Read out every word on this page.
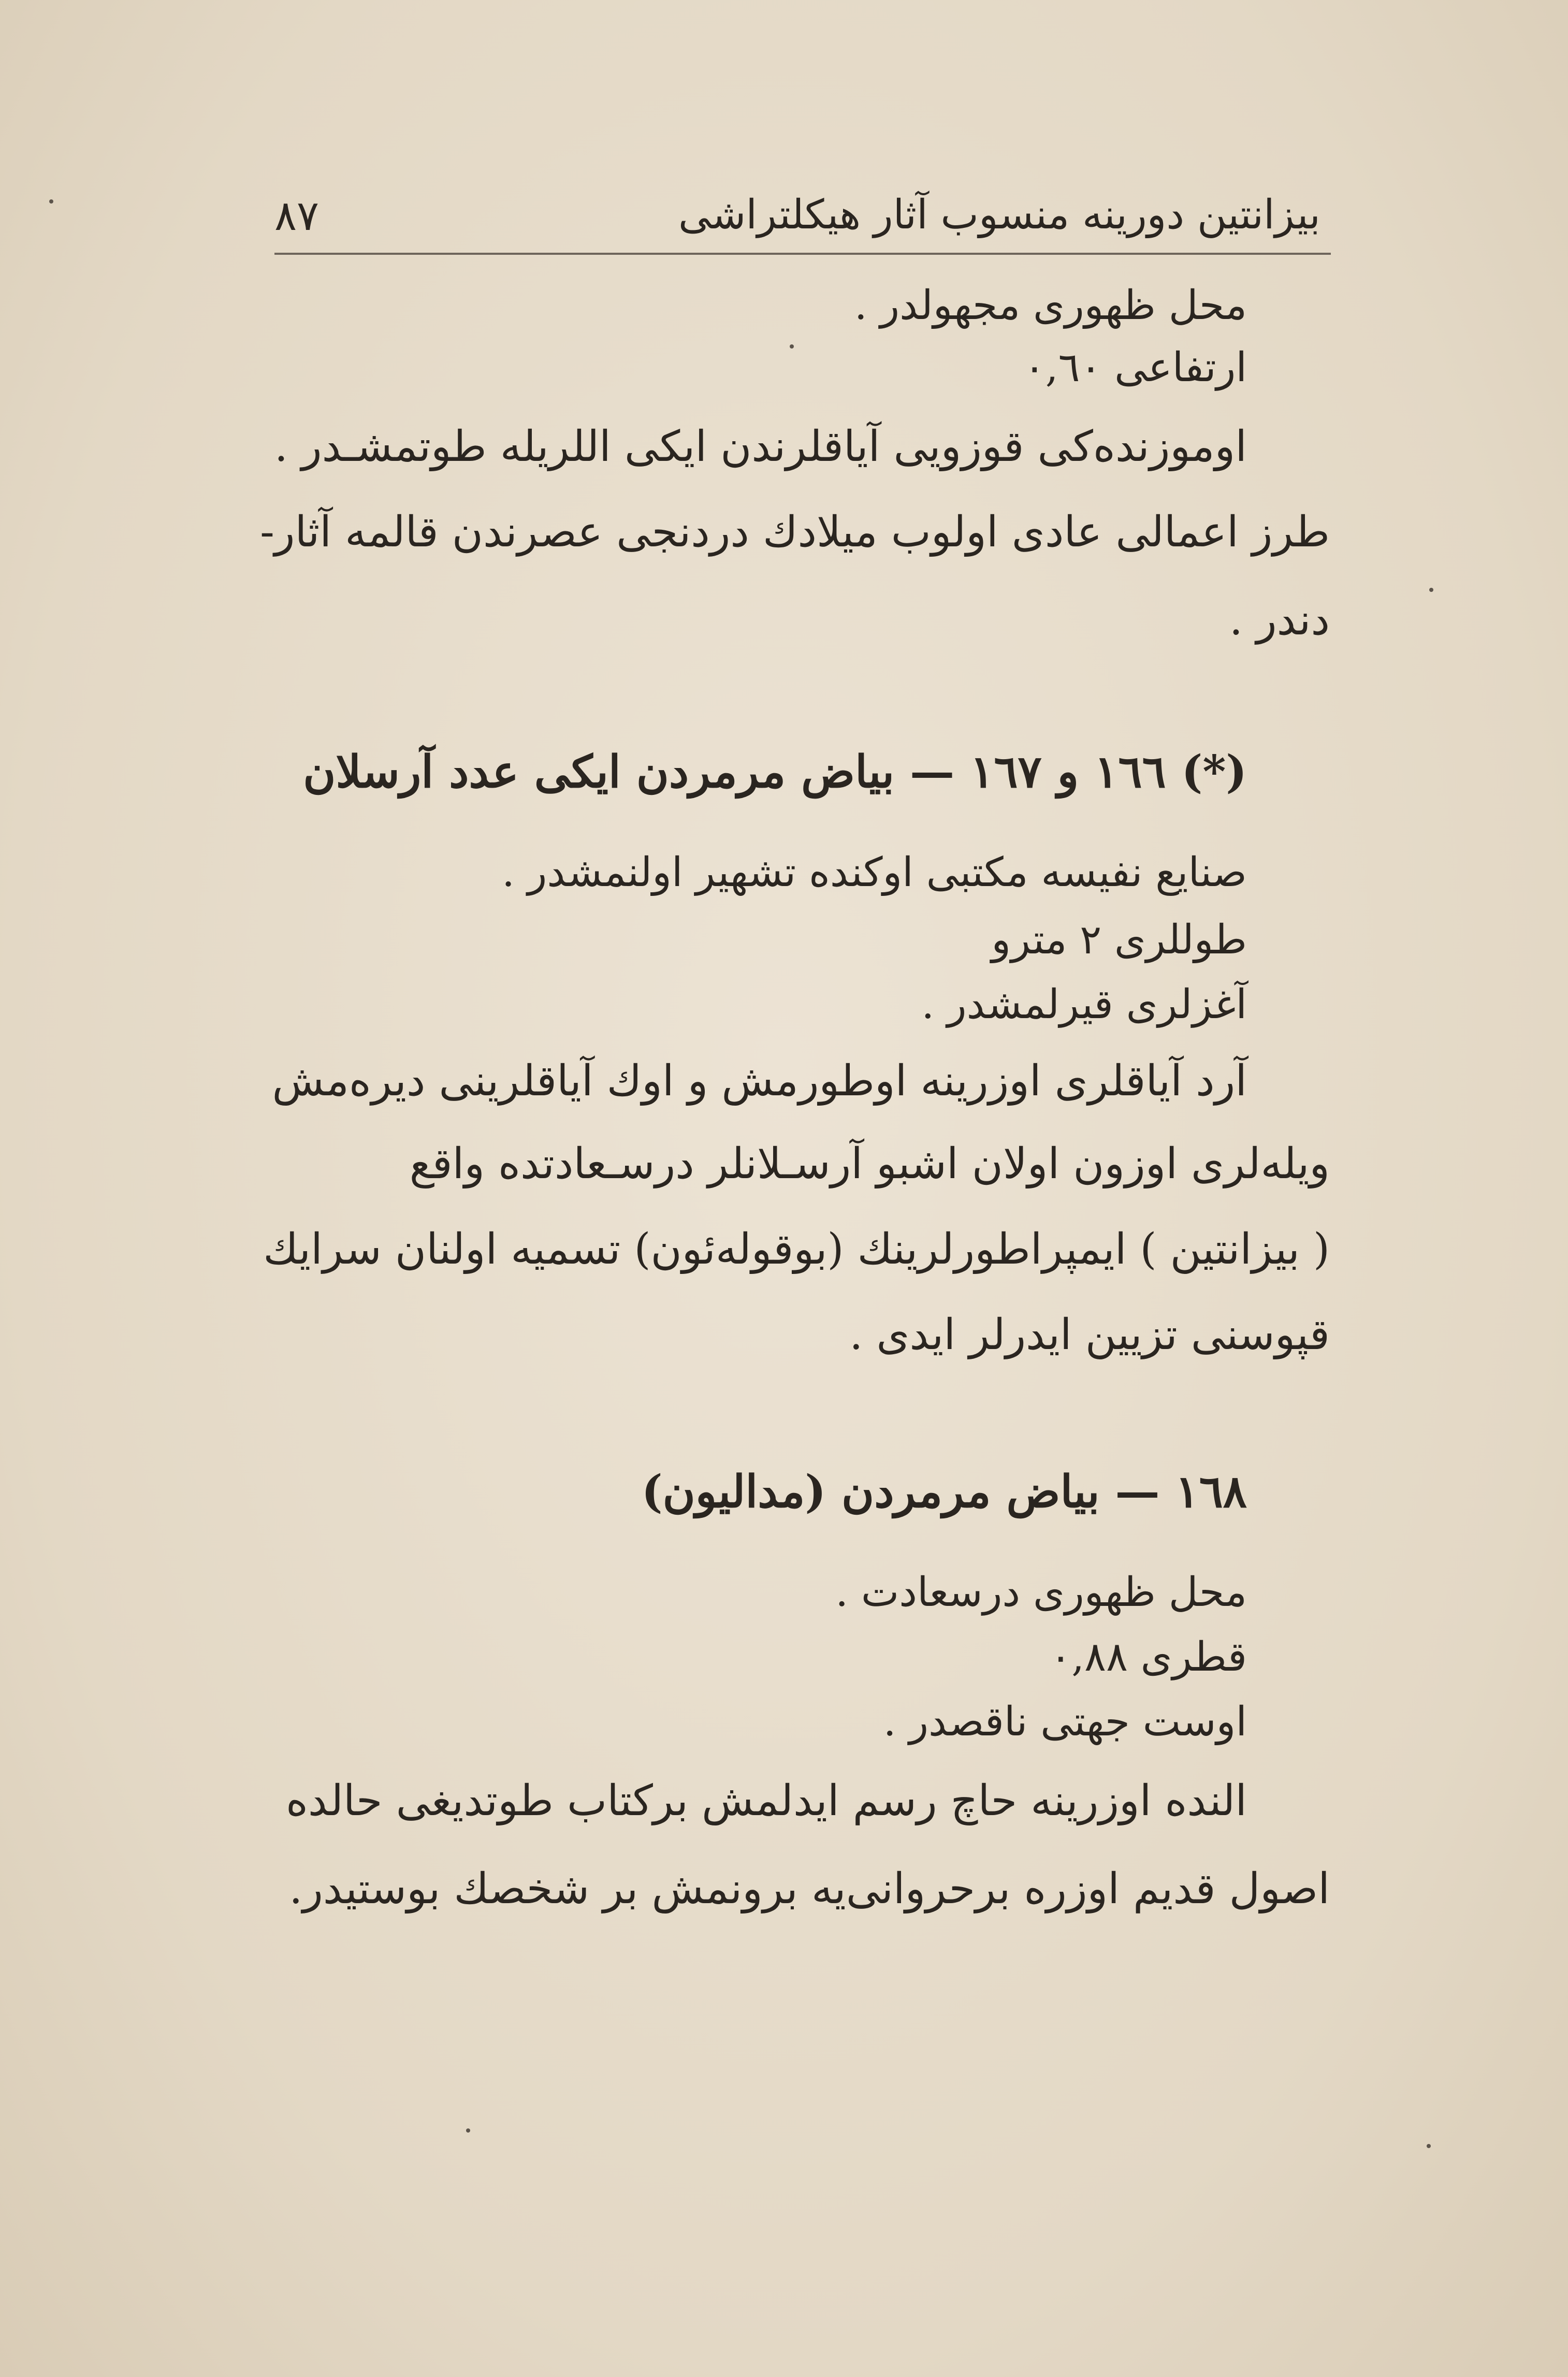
بیزانتین دورینه منسوب آثار هیکلتراشی
٨٧
محل ظهوری مجهولدر .
ارتفاعی ٠,٦٠
اوموزنده‌کی قوزویی آیاقلرندن ایکی اللریله طوتمشـدر .
طرز اعمالی عادی اولوب میلادك دردنجی عصرندن قالمه آثار-
دندر .
(*) ١٦٦ و ١٦٧ — بیاض مرمردن ایکی عدد آرسلان
صنایع نفیسه مکتبی اوکنده تشهیر اولنمشدر .
طوللری ٢ مترو
آغزلری قیرلمشدر .
آرد آیاقلری اوزرینه اوطورمش و اوك آیاقلرینی دیره‌مش
ویله‌لری اوزون اولان اشبو آرسـلانلر درسـعادتده واقع
( بیزانتین ) ایمپراطورلرینك (بوقوله‌ئون) تسمیه اولنان سرایك
قپوسنی تزیین ایدرلر ایدی .
١٦٨ — بیاض مرمردن (مدالیون)
محل ظهوری درسعادت .
قطری ٠,٨٨
اوست جهتی ناقصدر .
الندە اوزرینه حاچ رسم ایدلمش برکتاب طوتدیغی حالده
اصول قدیم اوزره برحروانی‌یه برونمش بر شخصك بوستیدر.
